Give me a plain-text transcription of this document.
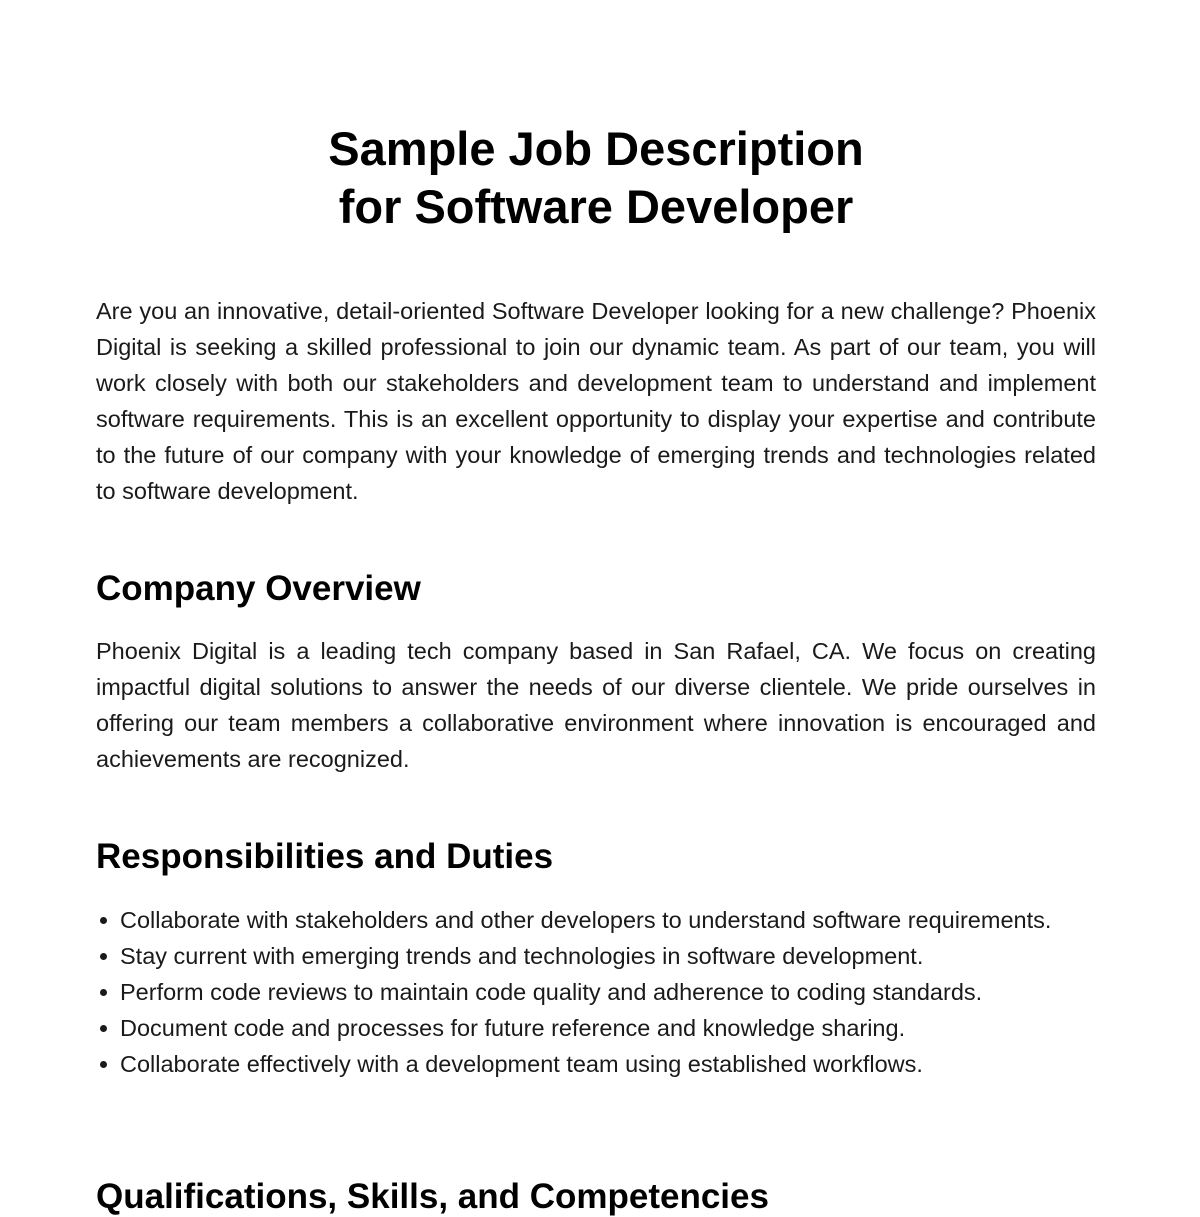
Sample Job Description
for Software Developer

Are you an innovative, detail-oriented Software Developer looking for a new challenge? Phoenix Digital is seeking a skilled professional to join our dynamic team. As part of our team, you will work closely with both our stakeholders and development team to understand and implement software requirements. This is an excellent opportunity to display your expertise and contribute to the future of our company with your knowledge of emerging trends and technologies related to software development.

Company Overview

Phoenix Digital is a leading tech company based in San Rafael, CA. We focus on creating impactful digital solutions to answer the needs of our diverse clientele. We pride ourselves in offering our team members a collaborative environment where innovation is encouraged and achievements are recognized.

Responsibilities and Duties
Collaborate with stakeholders and other developers to understand software requirements.
Stay current with emerging trends and technologies in software development.
Perform code reviews to maintain code quality and adherence to coding standards.
Document code and processes for future reference and knowledge sharing.
Collaborate effectively with a development team using established workflows.
Qualifications, Skills, and Competencies
